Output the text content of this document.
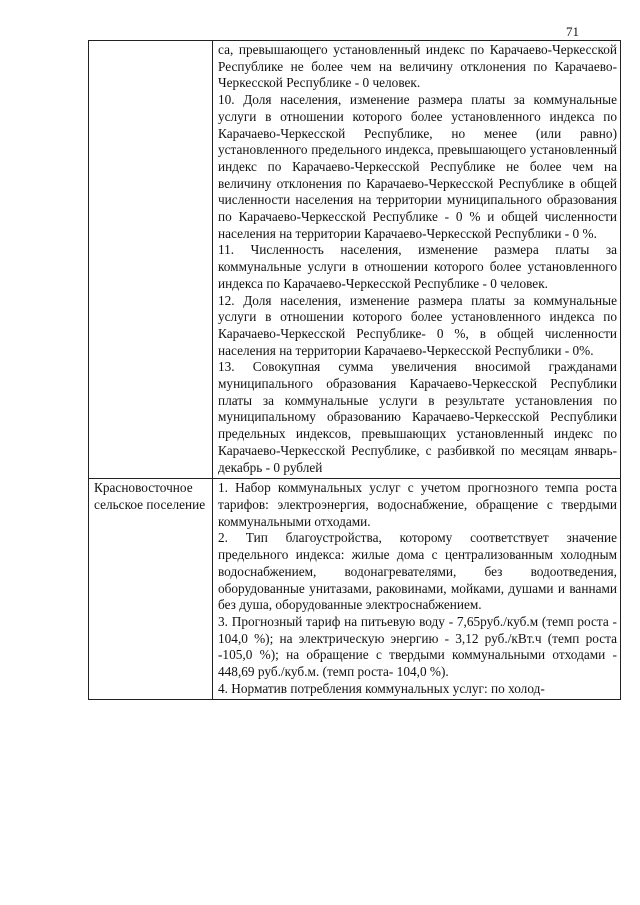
71

	са, превышающего установленный индекс по Карачаево-Черкесской Республике не более чем на величину отклонения по Карачаево-Черкесской Республике - 0 человек.

10. Доля населения, изменение размера платы за коммунальные услуги в отношении которого более установленного индекса по Карачаево-Черкесской Республике, но менее (или равно) установленного предельного индекса, превышающего установленный индекс по Карачаево-Черкесской Республике не более чем на величину отклонения по Карачаево-Черкесской Республике в общей численности населения на территории муниципального образования по Карачаево-Черкесской Республике - 0 % и общей численности населения на территории Карачаево-Черкесской Республики - 0 %.

11. Численность населения, изменение размера платы за коммунальные услуги в отношении которого более установленного индекса по Карачаево-Черкесской Республике - 0 человек.

12. Доля населения, изменение размера платы за коммунальные услуги в отношении которого более установленного индекса по Карачаево-Черкесской Республике- 0 %, в общей численности населения на территории Карачаево-Черкесской Республики - 0%.

13. Совокупная сумма увеличения вносимой гражданами муниципального образования Карачаево-Черкесской Республики платы за коммунальные услуги в результате установления по муниципальному образованию Карачаево-Черкесской Республики предельных индексов, превышающих установленный индекс по Карачаево-Черкесской Республике, с разбивкой по месяцам январь-декабрь - 0 рублей

Красновосточное сельское поселение	1. Набор коммунальных услуг с учетом прогнозного темпа роста тарифов: электроэнергия, водоснабжение, обращение с твердыми коммунальными отходами.

2. Тип благоустройства, которому соответствует значение предельного индекса: жилые дома с централизованным холодным водоснабжением, водонагревателями, без водоотведения, оборудованные унитазами, раковинами, мойками, душами и ваннами без душа, оборудованные электроснабжением.

3. Прогнозный тариф на питьевую воду - 7,65руб./куб.м (темп роста - 104,0 %); на электрическую энергию - 3,12 руб./кВт.ч (темп роста -105,0 %); на обращение с твердыми коммунальными отходами - 448,69 руб./куб.м. (темп роста- 104,0 %).

4. Норматив потребления коммунальных услуг: по холод-
